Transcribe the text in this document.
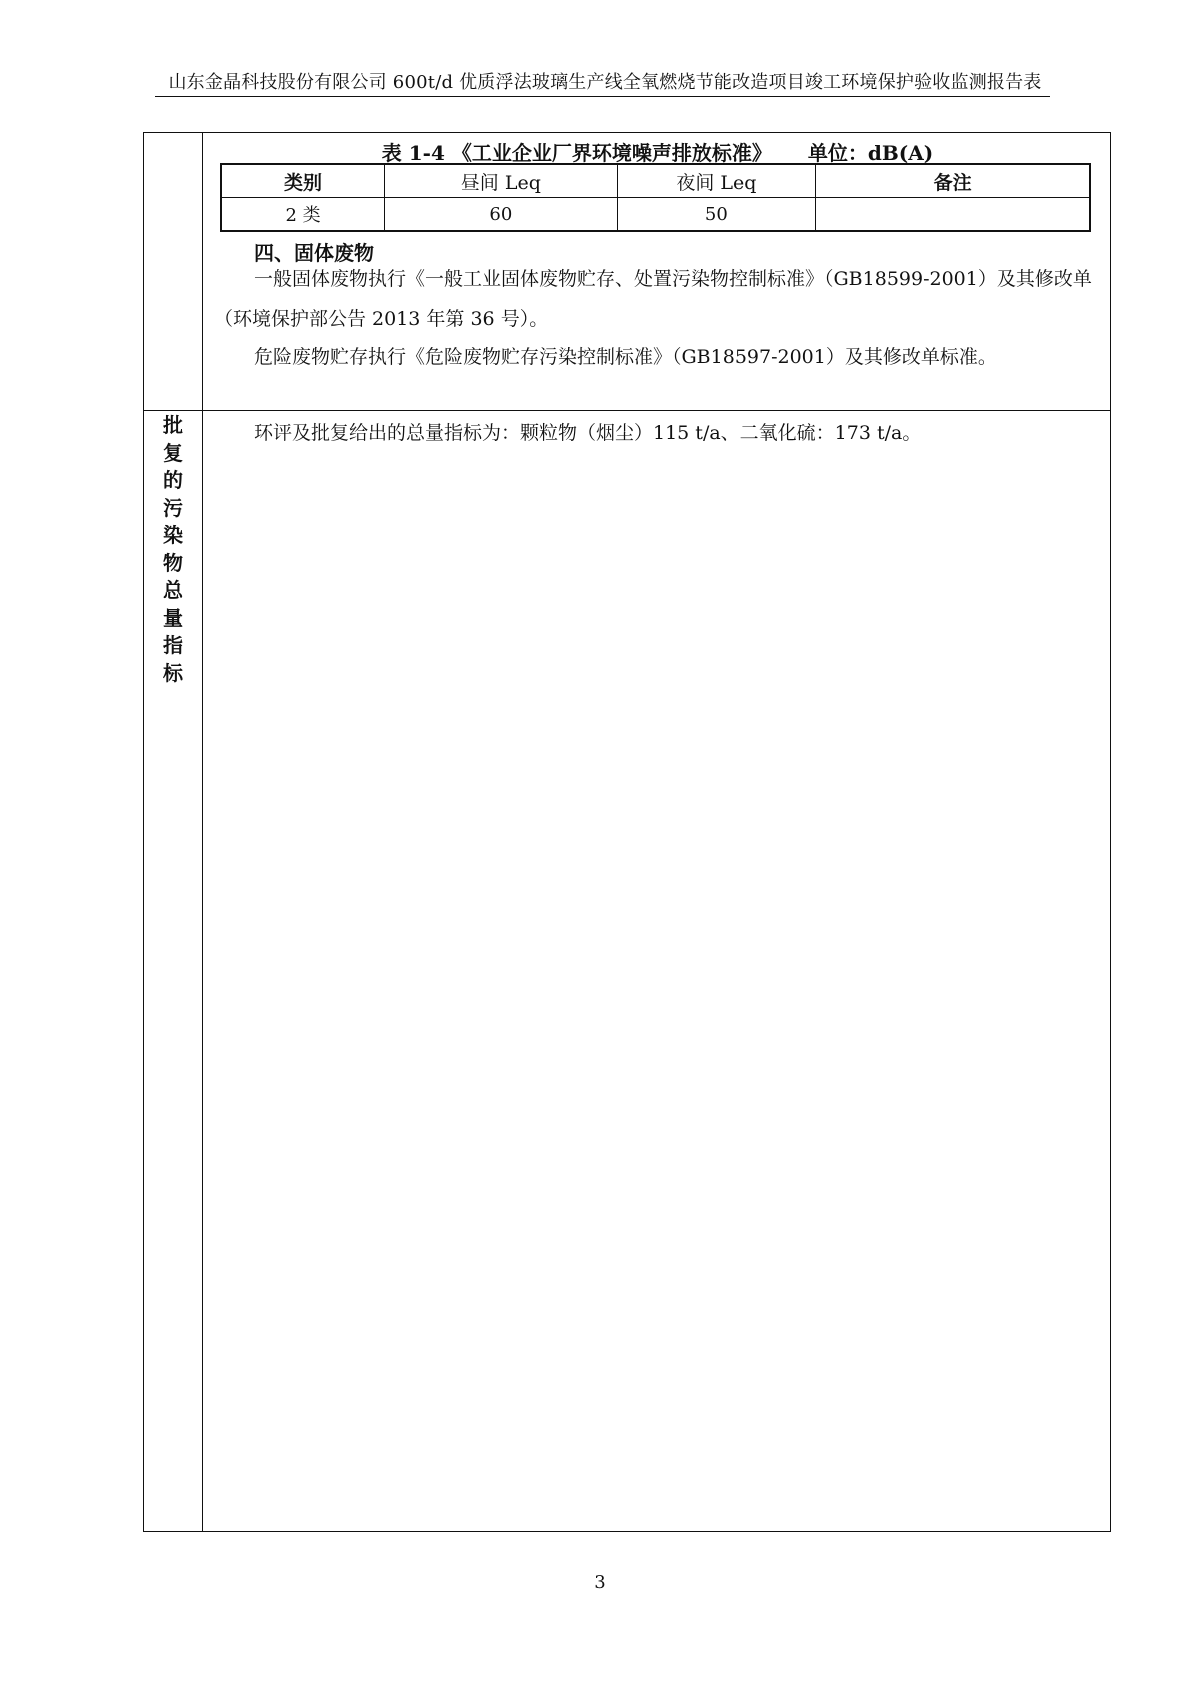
山东金晶科技股份有限公司 600t/d 优质浮法玻璃生产线全氧燃烧节能改造项目竣工环境保护验收监测报告表
表 1-4 《工业企业厂界环境噪声排放标准》 单位：dB(A)
类别	昼间 Leq	夜间 Leq	备注
2 类	60	50	
四、固体废物
一般固体废物执行《一般工业固体废物贮存、处置污染物控制标准》（GB18599-2001）及其修改单（环境保护部公告 2013 年第 36 号）。
危险废物贮存执行《危险废物贮存污染控制标准》（GB18597-2001）及其修改单标准。
批
复
的
污
染
物
总
量
指
标
环评及批复给出的总量指标为：颗粒物（烟尘）115 t/a、二氧化硫：173 t/a。
3
